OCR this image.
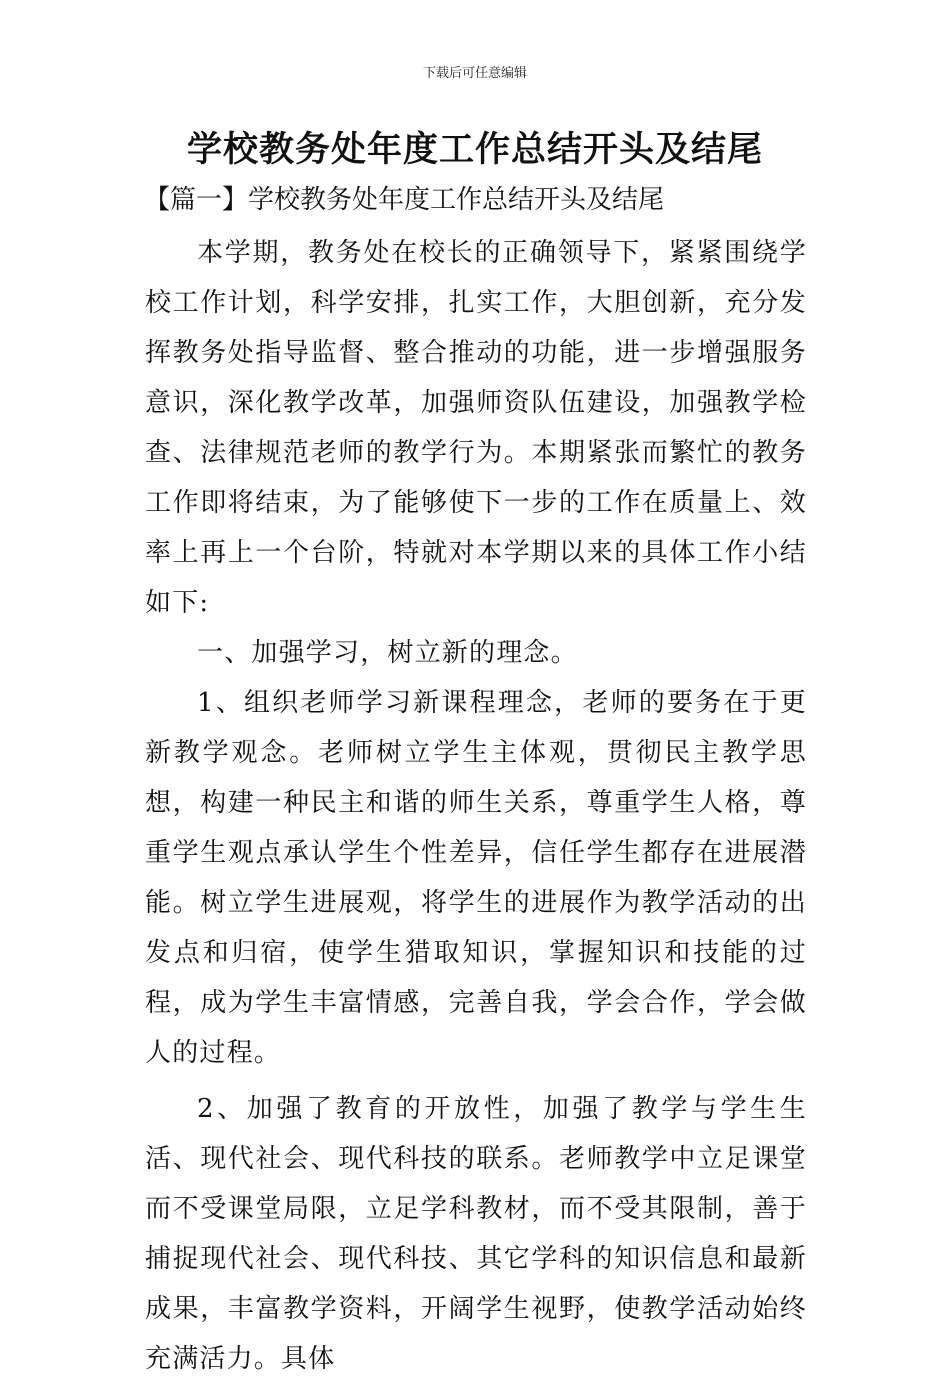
下载后可任意编辑
学校教务处年度工作总结开头及结尾
【篇一】学校教务处年度工作总结开头及结尾

本学期，教务处在校长的正确领导下，紧紧围绕学校工作计划，科学安排，扎实工作，大胆创新，充分发挥教务处指导监督、整合推动的功能，进一步增强服务意识，深化教学改革，加强师资队伍建设，加强教学检查、法律规范老师的教学行为。本期紧张而繁忙的教务工作即将结束，为了能够使下一步的工作在质量上、效率上再上一个台阶，特就对本学期以来的具体工作小结如下:

一、加强学习，树立新的理念。

1、组织老师学习新课程理念，老师的要务在于更新教学观念。老师树立学生主体观，贯彻民主教学思想，构建一种民主和谐的师生关系，尊重学生人格，尊重学生观点承认学生个性差异，信任学生都存在进展潜能。树立学生进展观，将学生的进展作为教学活动的出发点和归宿，使学生猎取知识，掌握知识和技能的过程，成为学生丰富情感，完善自我，学会合作，学会做人的过程。

2、加强了教育的开放性，加强了教学与学生生活、现代社会、现代科技的联系。老师教学中立足课堂而不受课堂局限，立足学科教材，而不受其限制，善于捕捉现代社会、现代科技、其它学科的知识信息和最新成果，丰富教学资料，开阔学生视野，使教学活动始终充满活力。具体
